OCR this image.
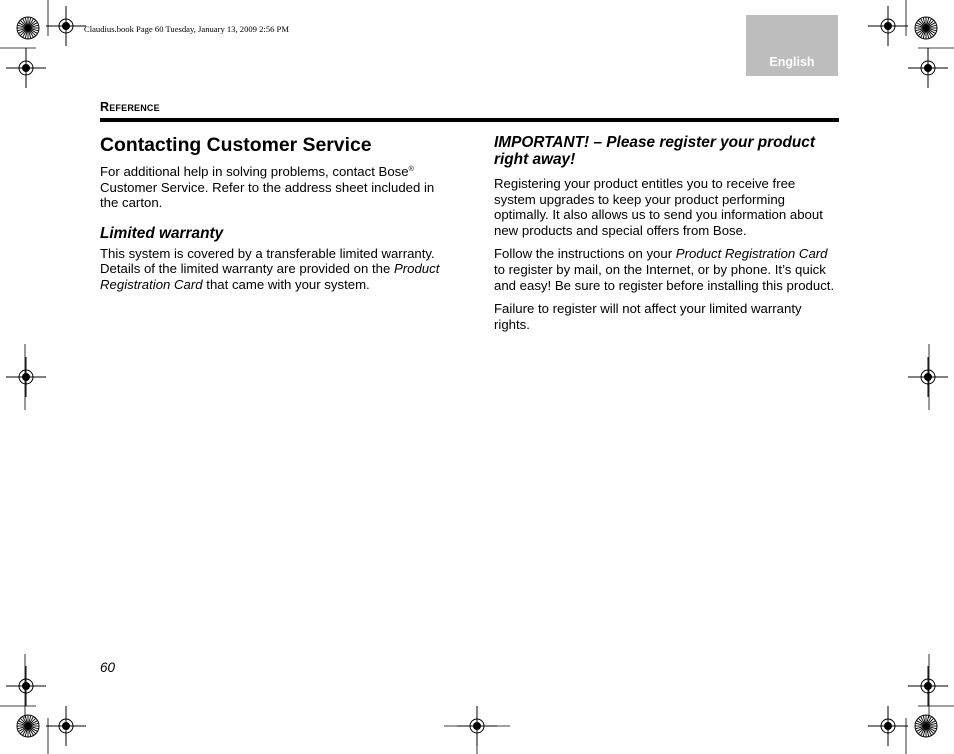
Claudius.book Page 60 Tuesday, January 13, 2009 2:56 PM
English
Reference
Contacting Customer Service

For additional help in solving problems, contact Bose® Customer Service. Refer to the address sheet included in the carton.

Limited warranty

This system is covered by a transferable limited warranty. Details of the limited warranty are provided on the Product Registration Card that came with your system.

IMPORTANT! – Please register your product right away!

Registering your product entitles you to receive free system upgrades to keep your product performing optimally. It also allows us to send you information about new products and special offers from Bose.

Follow the instructions on your Product Registration Card to register by mail, on the Internet, or by phone. It’s quick and easy! Be sure to register before installing this product.

Failure to register will not affect your limited warranty rights.

60
